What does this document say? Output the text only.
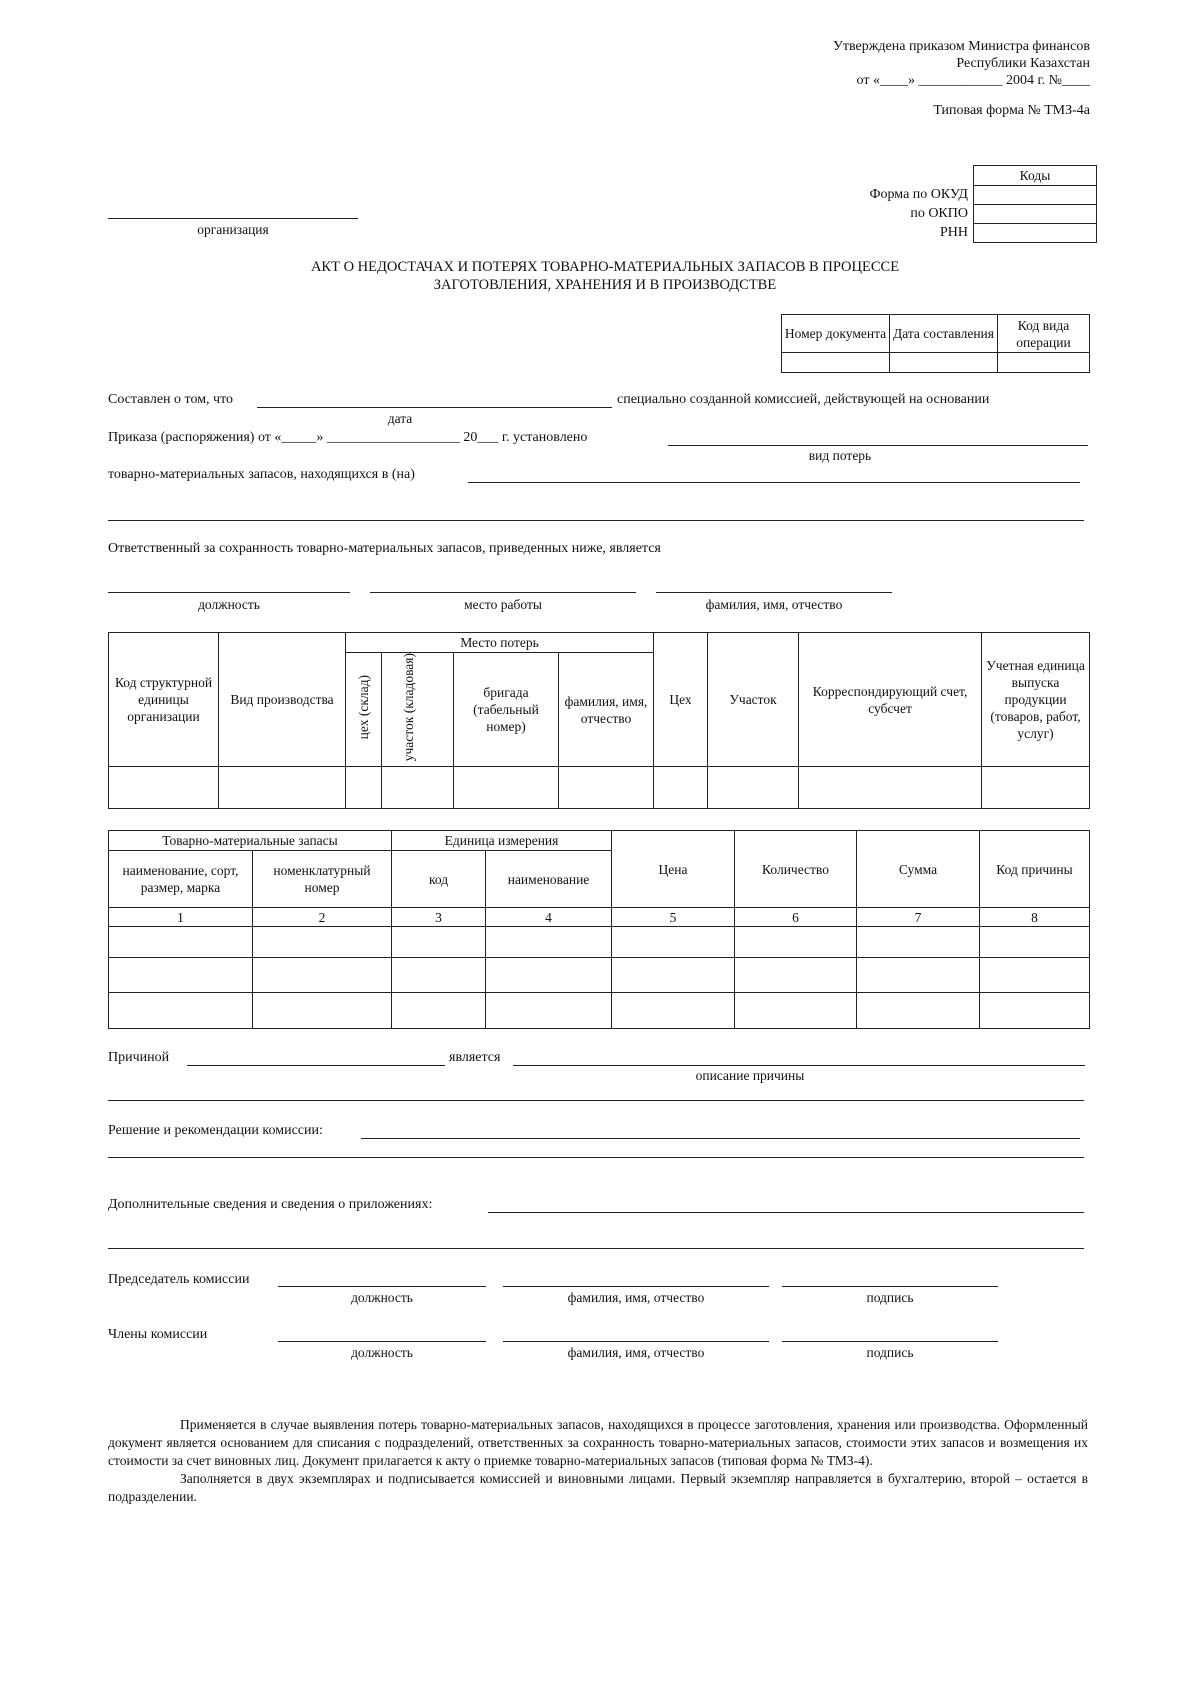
Утверждена приказом Министра финансов
Республики Казахстан
от «____» ____________ 2004 г. №____
Типовая форма № ТМЗ-4а
Коды

Форма по ОКУД
по ОКПО
РНН
организация
АКТ О НЕДОСТАЧАХ И ПОТЕРЯХ ТОВАРНО-МАТЕРИАЛЬНЫХ ЗАПАСОВ В ПРОЦЕССЕ
ЗАГОТОВЛЕНИЯ, ХРАНЕНИЯ И В ПРОИЗВОДСТВЕ
Номер документа	Дата составления	Код вида операции

Составлен о том, что	специально созданной комиссией, действующей на основании
дата
Приказа (распоряжения) от «_____» ___________________ 20___ г. установлено
вид потерь
товарно-материальных запасов, находящихся в (на)
Ответственный за сохранность товарно-материальных запасов, приведенных ниже, является
должность	место работы	фамилия, имя, отчество
Код структурной единицы организации	Вид производства	Место потерь				Цех	Участок	Корреспондирующий счет, субсчет	Учетная единица выпуска продукции (товаров, работ, услуг)
		цех (склад)	участок (кладовая)	бригада (табельный номер)	фамилия, имя, отчество				

Товарно-материальные запасы		Единица измерения		Цена	Количество	Сумма	Код причины
наименование, сорт, размер, марка	номенклатурный номер	код	наименование				
1	2	3	4	5	6	7	8

Причиной	является
описание причины
Решение и рекомендации комиссии:
Дополнительные сведения и сведения о приложениях:
Председатель комиссии
должность	фамилия, имя, отчество	подпись
Члены комиссии
должность	фамилия, имя, отчество	подпись

Применяется в случае выявления потерь товарно-материальных запасов, находящихся в процессе заготовления, хранения или производства. Оформленный документ является основанием для списания с подразделений, ответственных за сохранность товарно-материальных запасов, стоимости этих запасов и возмещения их стоимости за счет виновных лиц. Документ прилагается к акту о приемке товарно-материальных запасов (типовая форма № ТМЗ-4).

Заполняется в двух экземплярах и подписывается комиссией и виновными лицами. Первый экземпляр направляется в бухгалтерию, второй – остается в подразделении.
